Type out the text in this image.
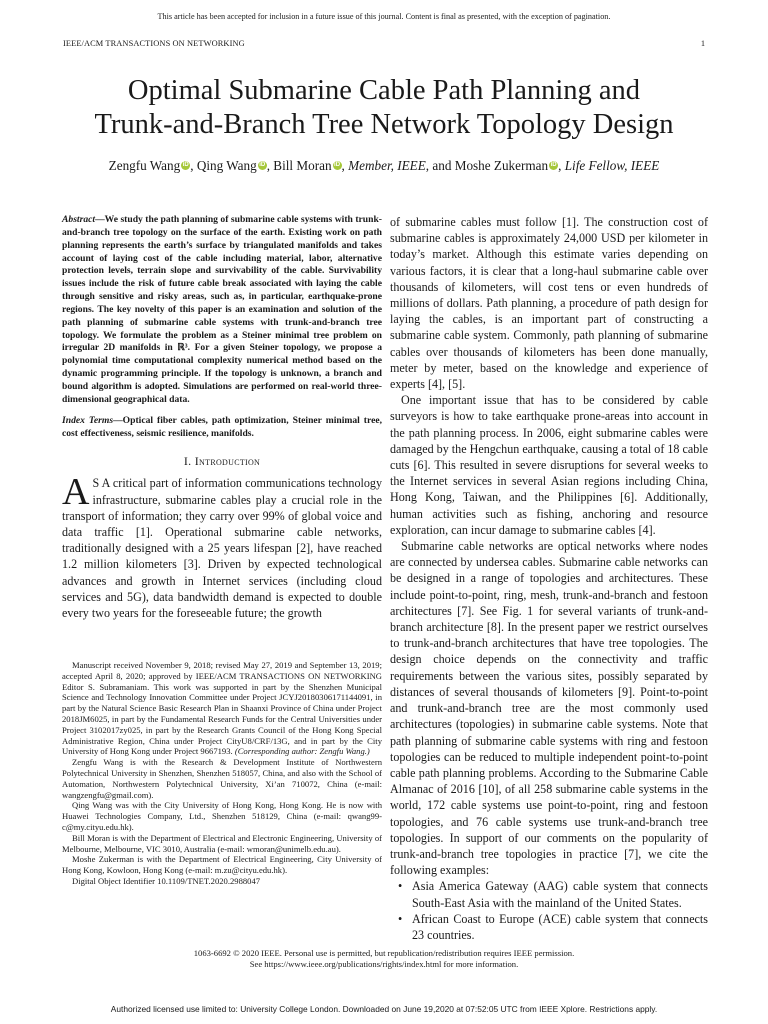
This article has been accepted for inclusion in a future issue of this journal. Content is final as presented, with the exception of pagination.
IEEE/ACM TRANSACTIONS ON NETWORKING	1
Optimal Submarine Cable Path Planning and
Trunk-and-Branch Tree Network Topology Design
Zengfu Wang iD , Qing Wang iD , Bill Moran iD , Member, IEEE, and Moshe Zukerman iD , Life Fellow, IEEE
Abstract—We study the path planning of submarine cable systems with trunk-and-branch tree topology on the surface of the earth. Existing work on path planning represents the earth’s surface by triangulated manifolds and takes account of laying cost of the cable including material, labor, alternative protection levels, terrain slope and survivability of the cable. Survivability issues include the risk of future cable break associated with laying the cable through sensitive and risky areas, such as, in particular, earthquake-prone regions. The key novelty of this paper is an examination and solution of the path planning of submarine cable systems with trunk-and-branch tree topology. We formulate the problem as a Steiner minimal tree problem on irregular 2D manifolds in ℝ³. For a given Steiner topology, we propose a polynomial time computational complexity numerical method based on the dynamic programming principle. If the topology is unknown, a branch and bound algorithm is adopted. Simulations are performed on real-world three-dimensional geographical data.
Index Terms—Optical fiber cables, path optimization, Steiner minimal tree, cost effectiveness, seismic resilience, manifolds.
I. Introduction
A S A critical part of information communications technology infrastructure, submarine cables play a crucial role in the transport of information; they carry over 99% of global voice and data traffic [1]. Operational submarine cable networks, traditionally designed with a 25 years lifespan [2], have reached 1.2 million kilometers [3]. Driven by expected technological advances and growth in Internet services (including cloud services and 5G), data bandwidth demand is expected to double every two years for the foreseeable future; the growth

Manuscript received November 9, 2018; revised May 27, 2019 and September 13, 2019; accepted April 8, 2020; approved by IEEE/ACM TRANSACTIONS ON NETWORKING Editor S. Subramaniam. This work was supported in part by the Shenzhen Municipal Science and Technology Innovation Committee under Project JCYJ20180306171144091, in part by the Natural Science Basic Research Plan in Shaanxi Province of China under Project 2018JM6025, in part by the Fundamental Research Funds for the Central Universities under Project 3102017zy025, in part by the Research Grants Council of the Hong Kong Special Administrative Region, China under Project CityU8/CRF/13G, and in part by the City University of Hong Kong under Project 9667193. (Corresponding author: Zengfu Wang.)

Zengfu Wang is with the Research & Development Institute of Northwestern Polytechnical University in Shenzhen, Shenzhen 518057, China, and also with the School of Automation, Northwestern Polytechnical University, Xi’an 710072, China (e-mail: wangzengfu@gmail.com).

Qing Wang was with the City University of Hong Kong, Hong Kong. He is now with Huawei Technologies Company, Ltd., Shenzhen 518129, China (e-mail: qwang99-c@my.cityu.edu.hk).

Bill Moran is with the Department of Electrical and Electronic Engineering, University of Melbourne, Melbourne, VIC 3010, Australia (e-mail: wmoran@unimelb.edu.au).

Moshe Zukerman is with the Department of Electrical Engineering, City University of Hong Kong, Kowloon, Hong Kong (e-mail: m.zu@cityu.edu.hk).

Digital Object Identifier 10.1109/TNET.2020.2988047

of submarine cables must follow [1]. The construction cost of submarine cables is approximately 24,000 USD per kilometer in today’s market. Although this estimate varies depending on various factors, it is clear that a long-haul submarine cable over thousands of kilometers, will cost tens or even hundreds of millions of dollars. Path planning, a procedure of path design for laying the cables, is an important part of constructing a submarine cable system. Commonly, path planning of submarine cables over thousands of kilometers has been done manually, meter by meter, based on the knowledge and experience of experts [4], [5].

One important issue that has to be considered by cable surveyors is how to take earthquake prone-areas into account in the path planning process. In 2006, eight submarine cables were damaged by the Hengchun earthquake, causing a total of 18 cable cuts [6]. This resulted in severe disruptions for several weeks to the Internet services in several Asian regions including China, Hong Kong, Taiwan, and the Philippines [6]. Additionally, human activities such as fishing, anchoring and resource exploration, can incur damage to submarine cables [4].

Submarine cable networks are optical networks where nodes are connected by undersea cables. Submarine cable networks can be designed in a range of topologies and architectures. These include point-to-point, ring, mesh, trunk-and-branch and festoon architectures [7]. See Fig. 1 for several variants of trunk-and-branch architecture [8]. In the present paper we restrict ourselves to trunk-and-branch architectures that have tree topologies. The design choice depends on the connectivity and traffic requirements between the various sites, possibly separated by distances of several thousands of kilometers [9]. Point-to-point and trunk-and-branch tree are the most commonly used architectures (topologies) in submarine cable systems. Note that path planning of submarine cable systems with ring and festoon topologies can be reduced to multiple independent point-to-point cable path planning problems. According to the Submarine Cable Almanac of 2016 [10], of all 258 submarine cable systems in the world, 172 cable systems use point-to-point, ring and festoon topologies, and 76 cable systems use trunk-and-branch tree topologies. In support of our comments on the popularity of trunk-and-branch tree topologies in practice [7], we cite the following examples:

• Asia America Gateway (AAG) cable system that connects South-East Asia with the mainland of the United States.
• African Coast to Europe (ACE) cable system that connects 23 countries.
1063-6692 © 2020 IEEE. Personal use is permitted, but republication/redistribution requires IEEE permission.
See https://www.ieee.org/publications/rights/index.html for more information.
Authorized licensed use limited to: University College London. Downloaded on June 19,2020 at 07:52:05 UTC from IEEE Xplore. Restrictions apply.
